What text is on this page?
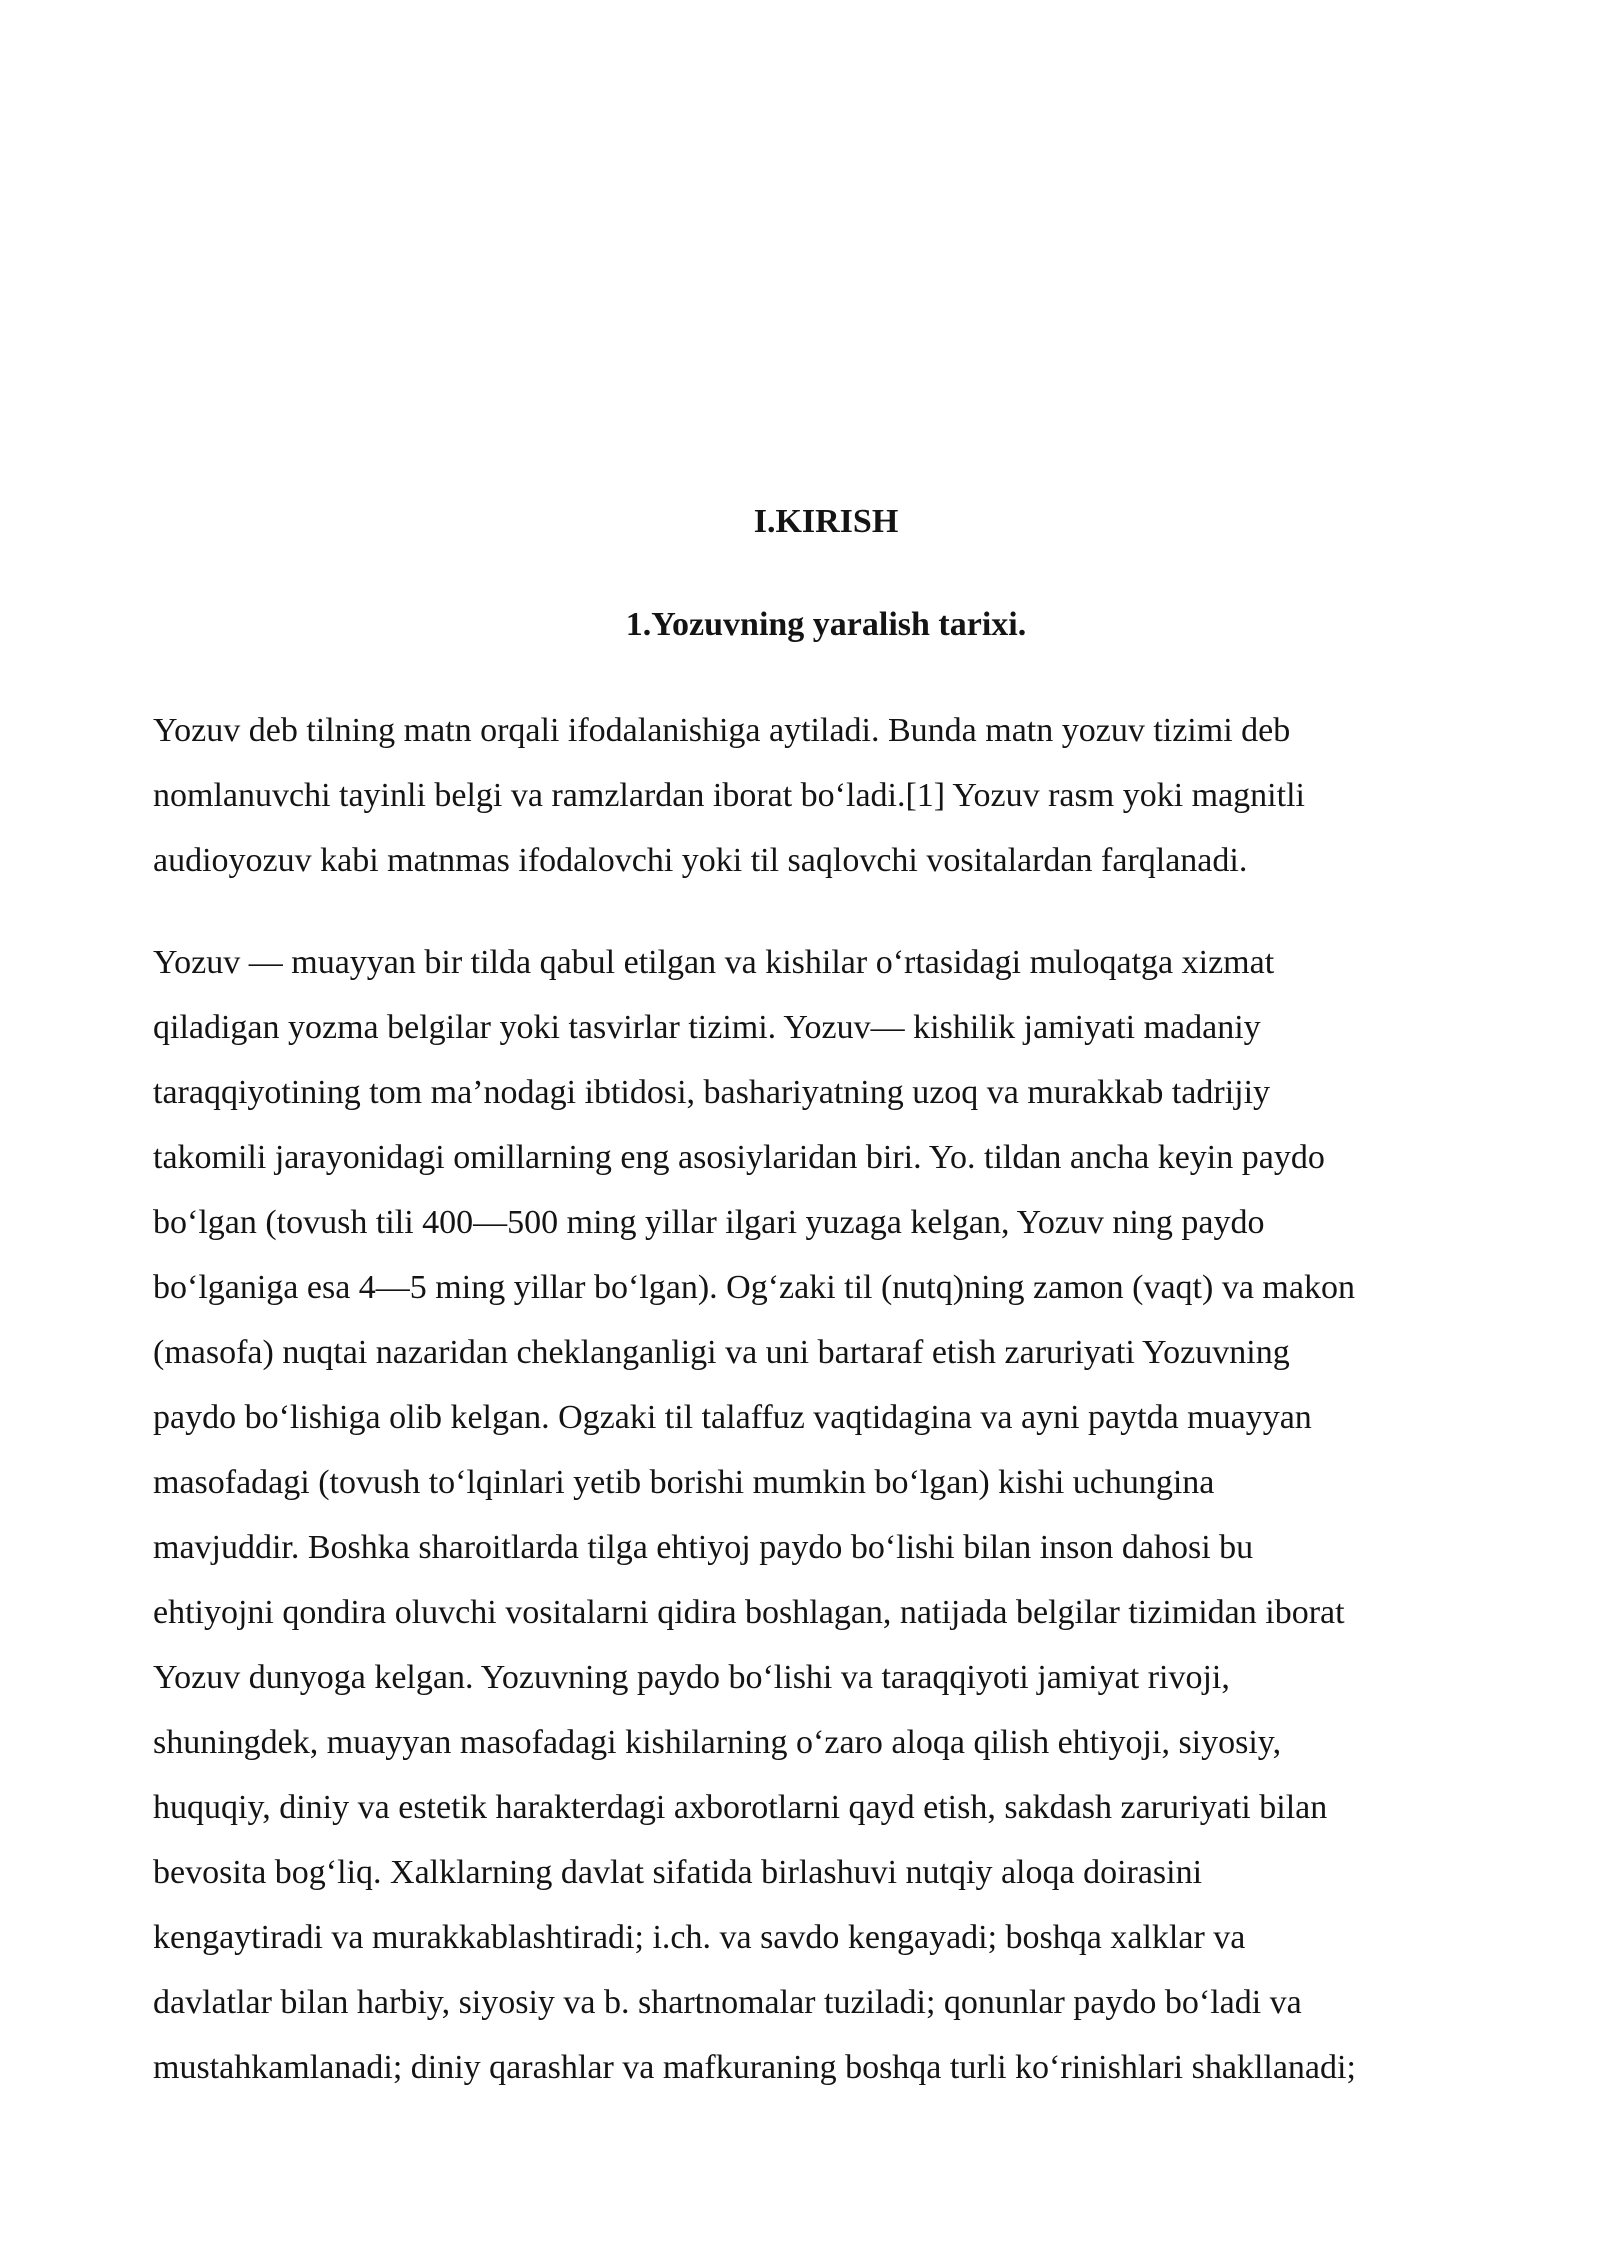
I.KIRISH
1.Yozuvning yaralish tarixi.

Yozuv deb tilning matn orqali ifodalanishiga aytiladi. Bunda matn yozuv tizimi deb
nomlanuvchi tayinli belgi va ramzlardan iborat bo‘ladi.[1] Yozuv rasm yoki magnitli
audioyozuv kabi matnmas ifodalovchi yoki til saqlovchi vositalardan farqlanadi.

Yozuv — muayyan bir tilda qabul etilgan va kishilar o‘rtasidagi muloqatga xizmat
qiladigan yozma belgilar yoki tasvirlar tizimi. Yozuv— kishilik jamiyati madaniy
taraqqiyotining tom ma’nodagi ibtidosi, bashariyatning uzoq va murakkab tadrijiy
takomili jarayonidagi omillarning eng asosiylaridan biri. Yo. tildan ancha keyin paydo
bo‘lgan (tovush tili 400—500 ming yillar ilgari yuzaga kelgan, Yozuv ning paydo
bo‘lganiga esa 4—5 ming yillar bo‘lgan). Og‘zaki til (nutq)ning zamon (vaqt) va makon
(masofa) nuqtai nazaridan cheklanganligi va uni bartaraf etish zaruriyati Yozuvning
paydo bo‘lishiga olib kelgan. Ogzaki til talaffuz vaqtidagina va ayni paytda muayyan
masofadagi (tovush to‘lqinlari yetib borishi mumkin bo‘lgan) kishi uchungina
mavjuddir. Boshka sharoitlarda tilga ehtiyoj paydo bo‘lishi bilan inson dahosi bu
ehtiyojni qondira oluvchi vositalarni qidira boshlagan, natijada belgilar tizimidan iborat
Yozuv dunyoga kelgan. Yozuvning paydo bo‘lishi va taraqqiyoti jamiyat rivoji,
shuningdek, muayyan masofadagi kishilarning o‘zaro aloqa qilish ehtiyoji, siyosiy,
huquqiy, diniy va estetik harakterdagi axborotlarni qayd etish, sakdash zaruriyati bilan
bevosita bog‘liq. Xalklarning davlat sifatida birlashuvi nutqiy aloqa doirasini
kengaytiradi va murakkablashtiradi; i.ch. va savdo kengayadi; boshqa xalklar va
davlatlar bilan harbiy, siyosiy va b. shartnomalar tuziladi; qonunlar paydo bo‘ladi va
mustahkamlanadi; diniy qarashlar va mafkuraning boshqa turli ko‘rinishlari shakllanadi;
